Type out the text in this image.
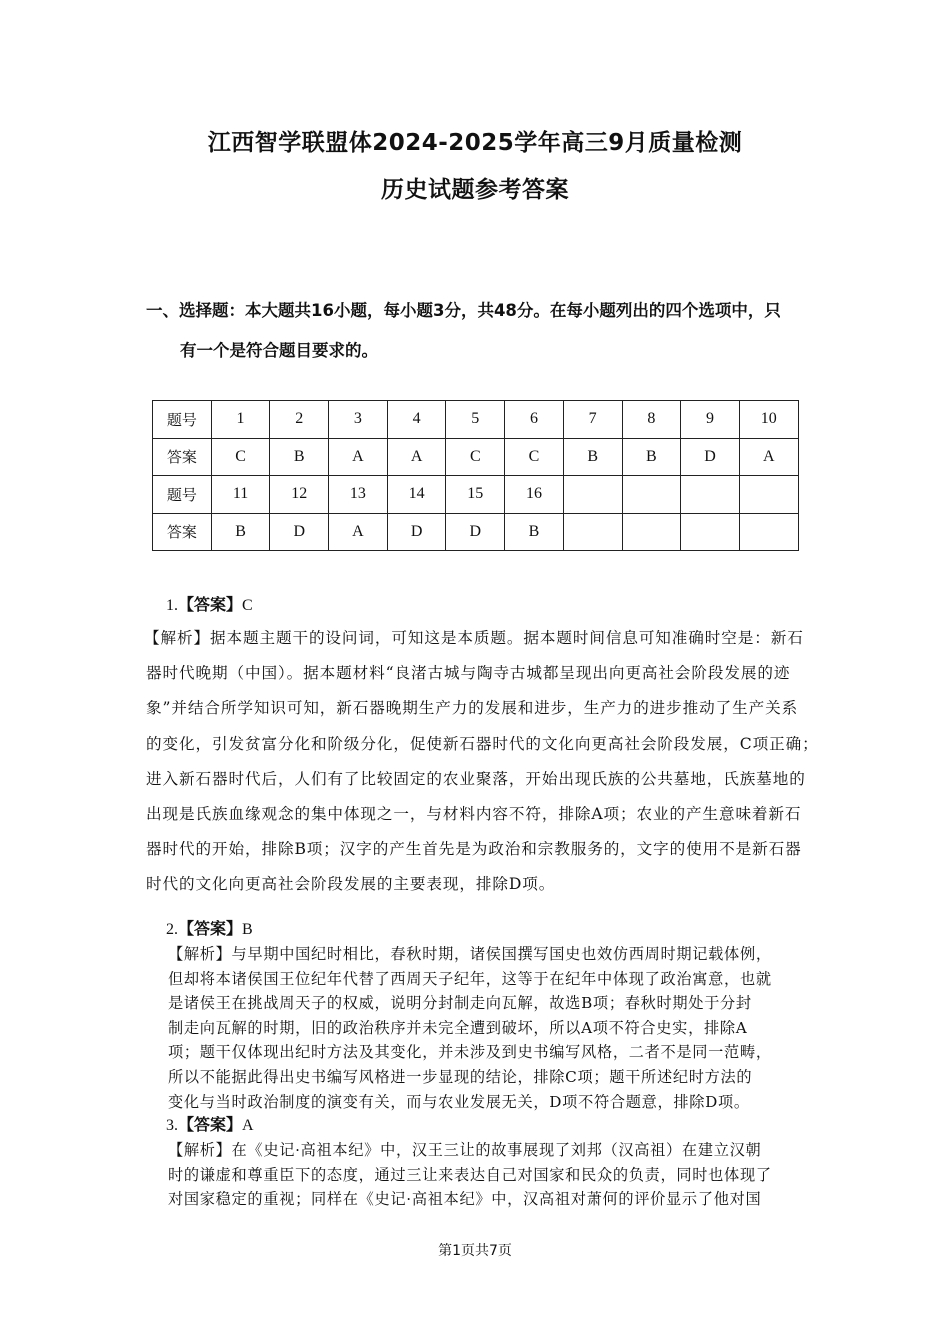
江西智学联盟体2024-2025学年高三9月质量检测
历史试题参考答案
一、选择题：本大题共16小题，每小题3分，共48分。在每小题列出的四个选项中，只
有一个是符合题目要求的。
题号	1	2	3	4	5	6	7	8	9	10
答案	C	B	A	A	C	C	B	B	D	A
题号	11	12	13	14	15	16				
答案	B	D	A	D	D	B				
1.【答案】C
【解析】据本题主题干的设问词，可知这是本质题。据本题时间信息可知准确时空是：新石
器时代晚期（中国）。据本题材料“良渚古城与陶寺古城都呈现出向更高社会阶段发展的迹
象”并结合所学知识可知，新石器晚期生产力的发展和进步，生产力的进步推动了生产关系
的变化，引发贫富分化和阶级分化，促使新石器时代的文化向更高社会阶段发展，C项正确；
进入新石器时代后，人们有了比较固定的农业聚落，开始出现氏族的公共墓地，氏族墓地的
出现是氏族血缘观念的集中体现之一，与材料内容不符，排除A项；农业的产生意味着新石
器时代的开始，排除B项；汉字的产生首先是为政治和宗教服务的，文字的使用不是新石器
时代的文化向更高社会阶段发展的主要表现，排除D项。
2.【答案】B
【解析】与早期中国纪时相比，春秋时期，诸侯国撰写国史也效仿西周时期记载体例，
但却将本诸侯国王位纪年代替了西周天子纪年，这等于在纪年中体现了政治寓意，也就
是诸侯王在挑战周天子的权威，说明分封制走向瓦解，故选B项；春秋时期处于分封
制走向瓦解的时期，旧的政治秩序并未完全遭到破坏，所以A项不符合史实，排除A
项；题干仅体现出纪时方法及其变化，并未涉及到史书编写风格，二者不是同一范畴，
所以不能据此得出史书编写风格进一步显现的结论，排除C项；题干所述纪时方法的
变化与当时政治制度的演变有关，而与农业发展无关，D项不符合题意，排除D项。
3.【答案】A
【解析】在《史记·高祖本纪》中，汉王三让的故事展现了刘邦（汉高祖）在建立汉朝
时的谦虚和尊重臣下的态度，通过三让来表达自己对国家和民众的负责，同时也体现了
对国家稳定的重视；同样在《史记·高祖本纪》中，汉高祖对萧何的评价显示了他对国
第1页共7页
